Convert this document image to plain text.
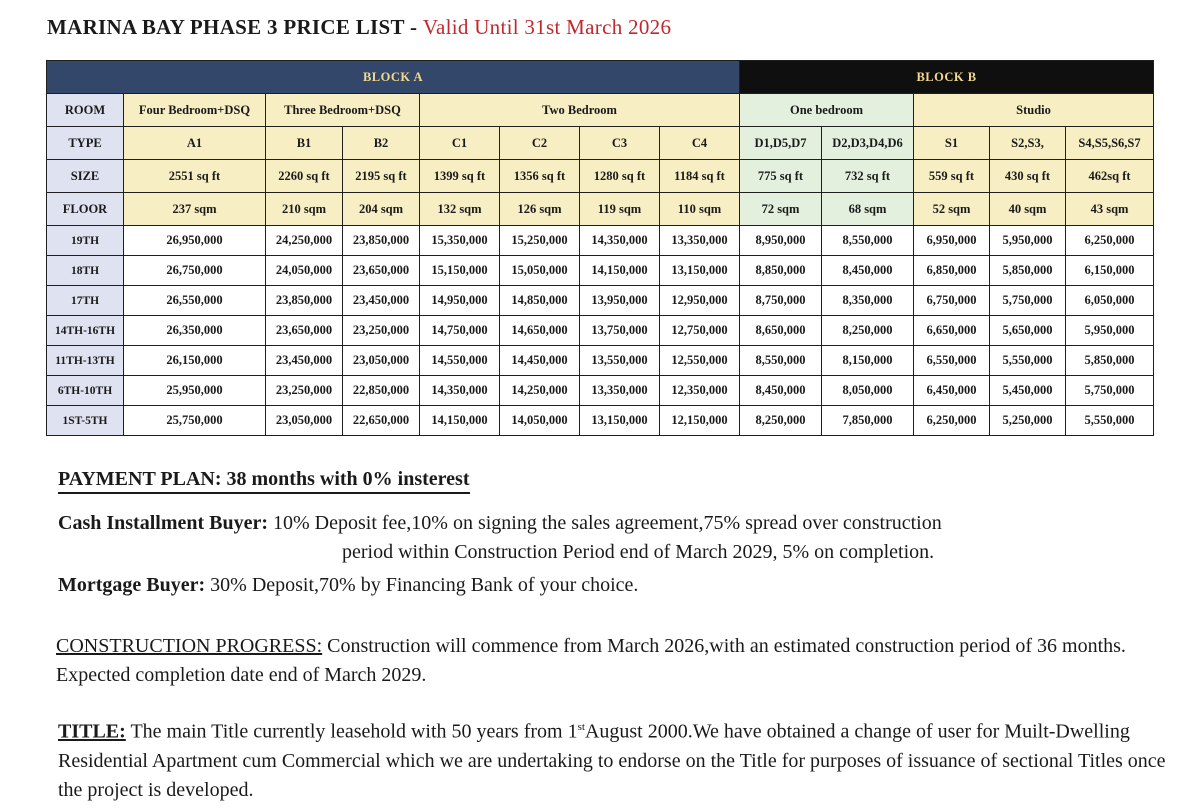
MARINA BAY PHASE 3 PRICE LIST - Valid Until 31st March 2026
BLOCK A								BLOCK B				
ROOM	Four Bedroom+DSQ	Three Bedroom+DSQ		Two Bedroom				One bedroom		Studio		
TYPE	A1	B1	B2	C1	C2	C3	C4	D1,D5,D7	D2,D3,D4,D6	S1	S2,S3,	S4,S5,S6,S7
SIZE	2551 sq ft	2260 sq ft	2195 sq ft	1399 sq ft	1356 sq ft	1280 sq ft	1184 sq ft	775 sq ft	732 sq ft	559 sq ft	430 sq ft	462sq ft
FLOOR	237 sqm	210 sqm	204 sqm	132 sqm	126 sqm	119 sqm	110 sqm	72 sqm	68 sqm	52 sqm	40 sqm	43 sqm
19TH	26,950,000	24,250,000	23,850,000	15,350,000	15,250,000	14,350,000	13,350,000	8,950,000	8,550,000	6,950,000	5,950,000	6,250,000
18TH	26,750,000	24,050,000	23,650,000	15,150,000	15,050,000	14,150,000	13,150,000	8,850,000	8,450,000	6,850,000	5,850,000	6,150,000
17TH	26,550,000	23,850,000	23,450,000	14,950,000	14,850,000	13,950,000	12,950,000	8,750,000	8,350,000	6,750,000	5,750,000	6,050,000
14TH-16TH	26,350,000	23,650,000	23,250,000	14,750,000	14,650,000	13,750,000	12,750,000	8,650,000	8,250,000	6,650,000	5,650,000	5,950,000
11TH-13TH	26,150,000	23,450,000	23,050,000	14,550,000	14,450,000	13,550,000	12,550,000	8,550,000	8,150,000	6,550,000	5,550,000	5,850,000
6TH-10TH	25,950,000	23,250,000	22,850,000	14,350,000	14,250,000	13,350,000	12,350,000	8,450,000	8,050,000	6,450,000	5,450,000	5,750,000
1ST-5TH	25,750,000	23,050,000	22,650,000	14,150,000	14,050,000	13,150,000	12,150,000	8,250,000	7,850,000	6,250,000	5,250,000	5,550,000
PAYMENT PLAN: 38 months with 0% insterest
Cash Installment Buyer: 10% Deposit fee,10% on signing the sales agreement,75% spread over construction
period within Construction Period end of March 2029, 5% on completion.
Mortgage Buyer: 30% Deposit,70% by Financing Bank of your choice.
CONSTRUCTION PROGRESS: Construction will commence from March 2026,with an estimated construction period of 36 months. Expected completion date end of March 2029.
TITLE: The main Title currently leasehold with 50 years from 1stAugust 2000.We have obtained a change of user for Muilt-Dwelling Residential Apartment cum Commercial which we are undertaking to endorse on the Title for purposes of issuance of sectional Titles once the project is developed.
